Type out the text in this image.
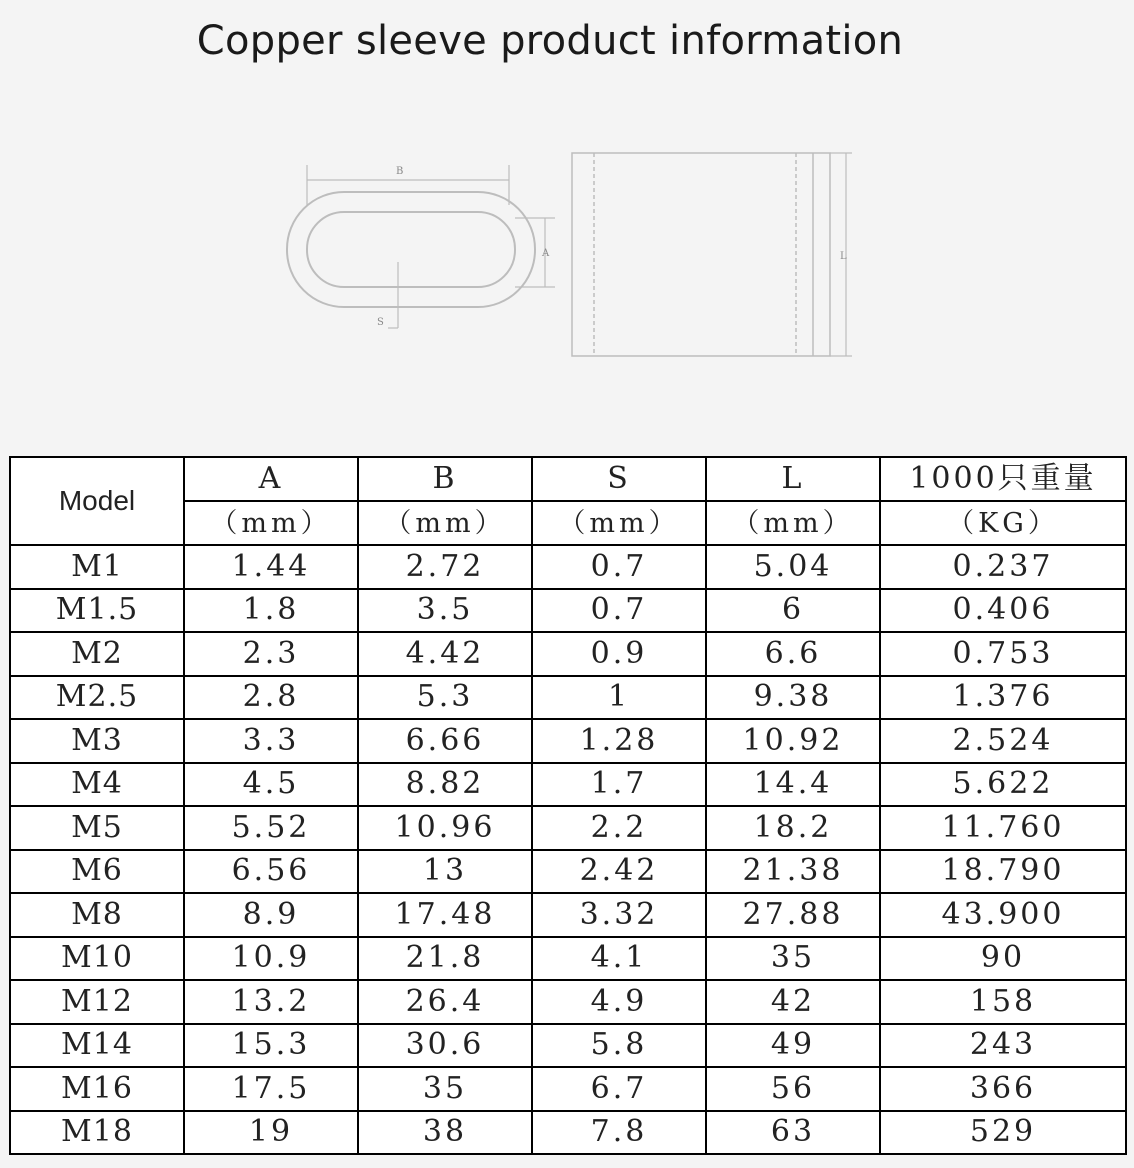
Copper sleeve product information
B
A
S
L
Model	A	B	S	L	1000只重量
	（mm）	（mm）	（mm）	（mm）	（KG）
M1	1.44	2.72	0.7	5.04	0.237
M1.5	1.8	3.5	0.7	6	0.406
M2	2.3	4.42	0.9	6.6	0.753
M2.5	2.8	5.3	1	9.38	1.376
M3	3.3	6.66	1.28	10.92	2.524
M4	4.5	8.82	1.7	14.4	5.622
M5	5.52	10.96	2.2	18.2	11.760
M6	6.56	13	2.42	21.38	18.790
M8	8.9	17.48	3.32	27.88	43.900
M10	10.9	21.8	4.1	35	90
M12	13.2	26.4	4.9	42	158
M14	15.3	30.6	5.8	49	243
M16	17.5	35	6.7	56	366
M18	19	38	7.8	63	529
